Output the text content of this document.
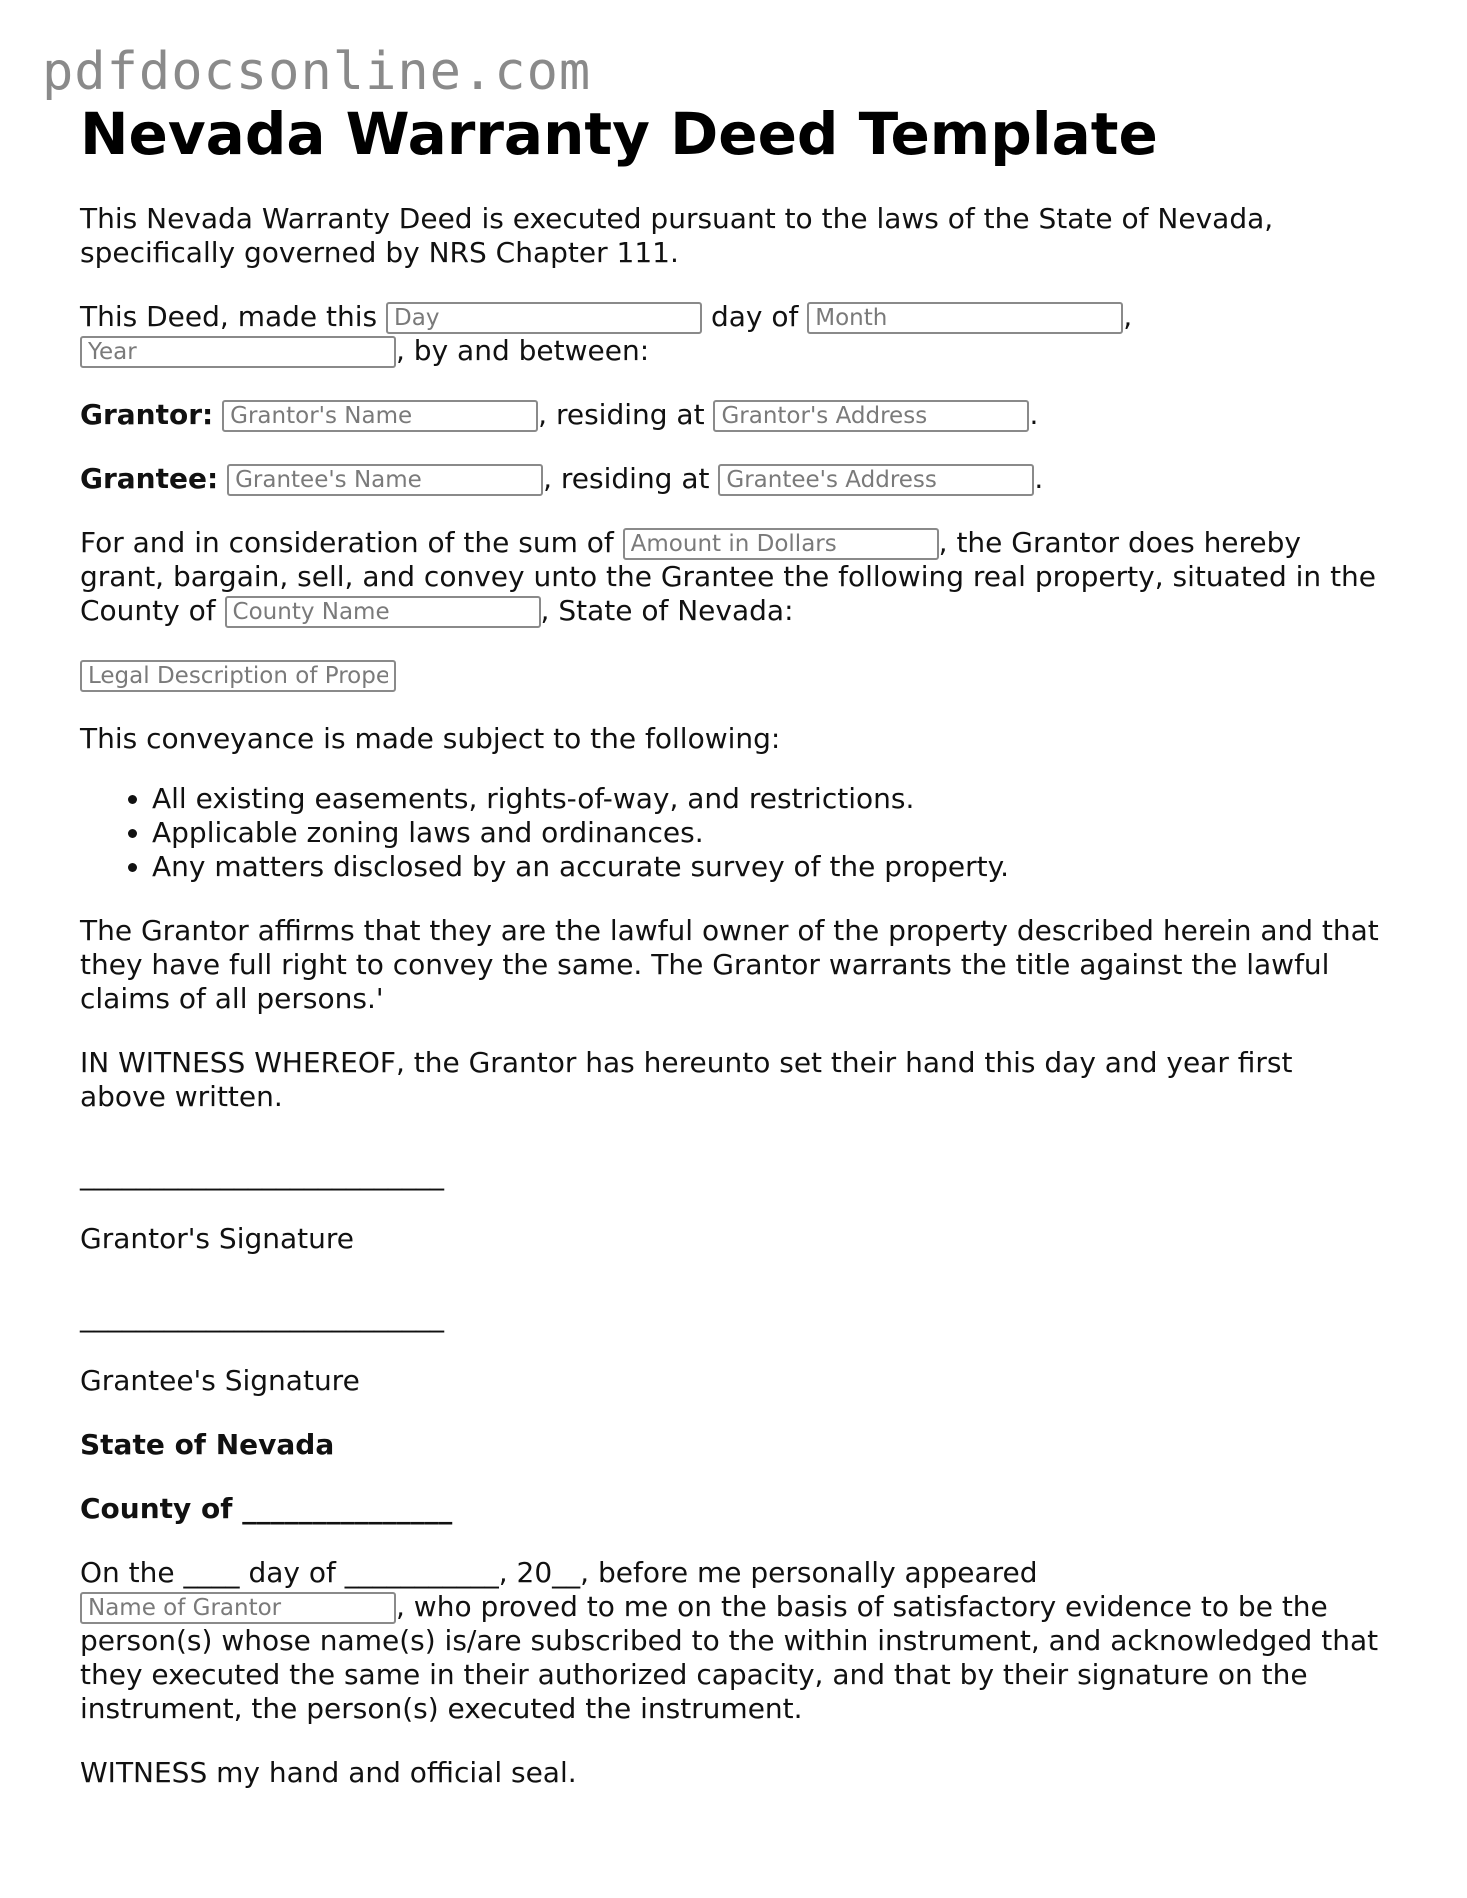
pdfdocsonline.com
Nevada Warranty Deed Template

This Nevada Warranty Deed is executed pursuant to the laws of the State of Nevada, specifically governed by NRS Chapter 111.

This Deed, made this Day	day of Month	,
Year, by and between:

Grantor: Grantor's Name	, residing at Grantor's Address	.

Grantee: Grantee's Name	, residing at Grantee's Address	.

For and in consideration of the sum of Amount in Dollars	, the Grantor does hereby grant, bargain, sell, and convey unto the Grantee the following real property, situated in the County of County Name	, State of Nevada:

Legal Description of Property

This conveyance is made subject to the following:

• All existing easements, rights-of-way, and restrictions.
• Applicable zoning laws and ordinances.
• Any matters disclosed by an accurate survey of the property.

The Grantor affirms that they are the lawful owner of the property described herein and that they have full right to convey the same. The Grantor warrants the title against the lawful claims of all persons.'

IN WITNESS WHEREOF, the Grantor has hereunto set their hand this day and year first above written.

__________________________

Grantor's Signature

__________________________

Grantee's Signature

State of Nevada

County of _______________

On the ____ day of ___________, 20__, before me personally appeared
Name of Grantor, who proved to me on the basis of satisfactory evidence to be the person(s) whose name(s) is/are subscribed to the within instrument, and acknowledged that they executed the same in their authorized capacity, and that by their signature on the instrument, the person(s) executed the instrument.

WITNESS my hand and official seal.
